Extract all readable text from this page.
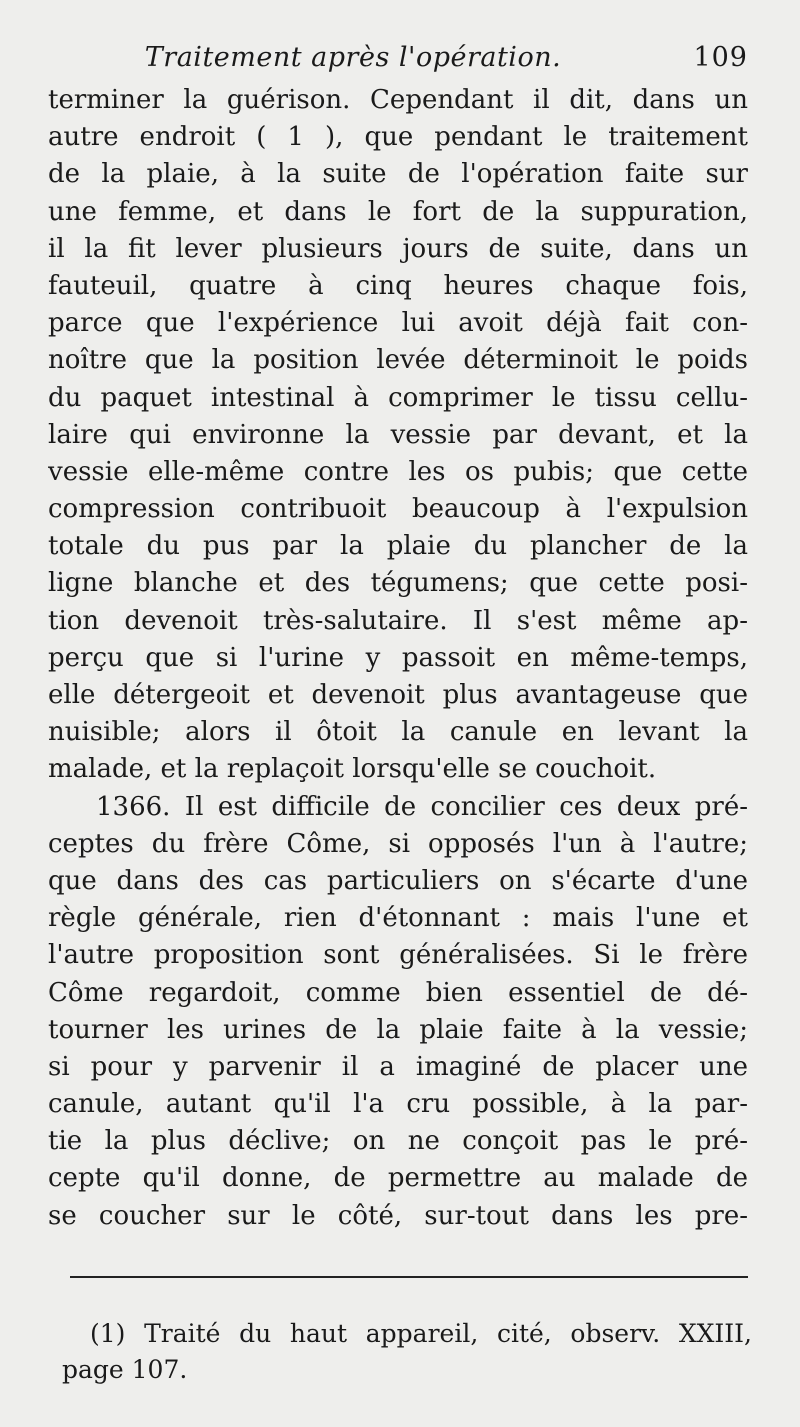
Traitement après l'opération.	109
terminer la guérison. Cependant il dit, dans un
autre endroit ( 1 ), que pendant le traitement
de la plaie, à la suite de l'opération faite sur
une femme, et dans le fort de la suppuration,
il la fit lever plusieurs jours de suite, dans un
fauteuil, quatre à cinq heures chaque fois,
parce que l'expérience lui avoit déjà fait con-
noître que la position levée déterminoit le poids
du paquet intestinal à comprimer le tissu cellu-
laire qui environne la vessie par devant, et la
vessie elle-même contre les os pubis; que cette
compression contribuoit beaucoup à l'expulsion
totale du pus par la plaie du plancher de la
ligne blanche et des tégumens; que cette posi-
tion devenoit très-salutaire. Il s'est même ap-
perçu que si l'urine y passoit en même-temps,
elle détergeoit et devenoit plus avantageuse que
nuisible; alors il ôtoit la canule en levant la
malade, et la replaçoit lorsqu'elle se couchoit.
1366. Il est difficile de concilier ces deux pré-
ceptes du frère Côme, si opposés l'un à l'autre;
que dans des cas particuliers on s'écarte d'une
règle générale, rien d'étonnant : mais l'une et
l'autre proposition sont généralisées. Si le frère
Côme regardoit, comme bien essentiel de dé-
tourner les urines de la plaie faite à la vessie;
si pour y parvenir il a imaginé de placer une
canule, autant qu'il l'a cru possible, à la par-
tie la plus déclive; on ne conçoit pas le pré-
cepte qu'il donne, de permettre au malade de
se coucher sur le côté, sur-tout dans les pre-
(1) Traité du haut appareil, cité, observ. XXIII,
page 107.
